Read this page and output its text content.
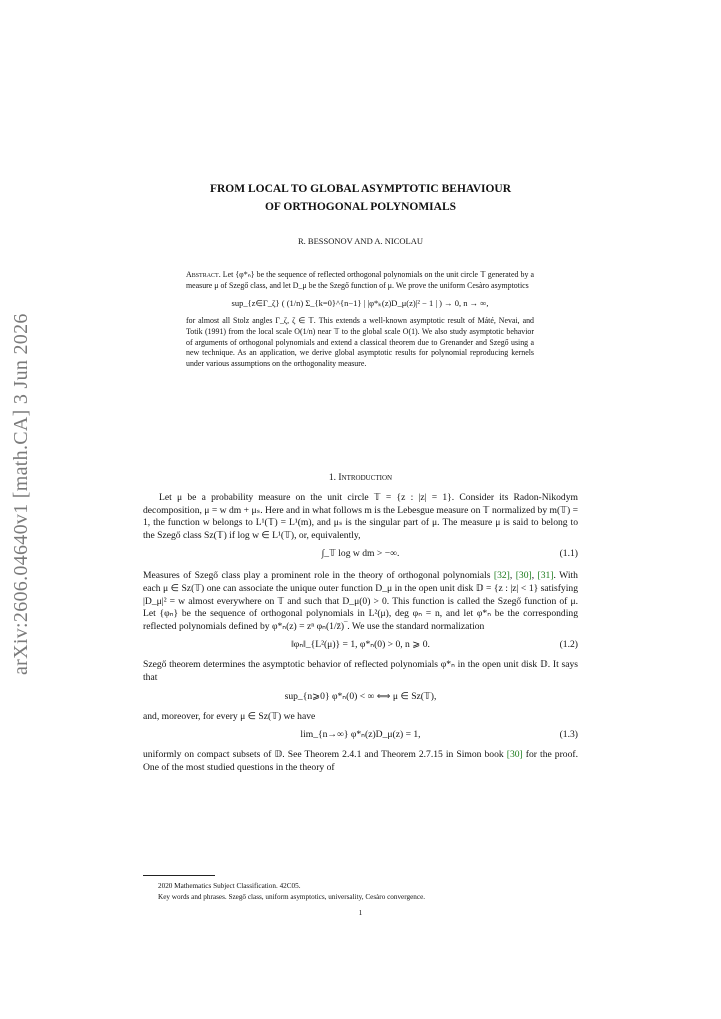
arXiv:2606.04640v1 [math.CA] 3 Jun 2026
FROM LOCAL TO GLOBAL ASYMPTOTIC BEHAVIOUR
OF ORTHOGONAL POLYNOMIALS
R. BESSONOV AND A. NICOLAU

Abstract. Let {φ*ₙ} be the sequence of reflected orthogonal polynomials on the unit circle 𝕋 generated by a measure μ of Szegő class, and let D_μ be the Szegő function of μ. We prove the uniform Cesàro asymptotics

sup_{z∈Γ_ζ} ( (1/n) Σ_{k=0}^{n−1} | |φ*ₖ(z)D_μ(z)|² − 1 | ) → 0, n → ∞,

for almost all Stolz angles Γ_ζ, ζ ∈ 𝕋. This extends a well-known asymptotic result of Máté, Nevai, and Totik (1991) from the local scale O(1/n) near 𝕋 to the global scale O(1). We also study asymptotic behavior of arguments of orthogonal polynomials and extend a classical theorem due to Grenander and Szegő using a new technique. As an application, we derive global asymptotic results for polynomial reproducing kernels under various assumptions on the orthogonality measure.

1. Introduction

Let μ be a probability measure on the unit circle 𝕋 = {z : |z| = 1}. Consider its Radon-Nikodym decomposition, μ = w dm + μₛ. Here and in what follows m is the Lebesgue measure on 𝕋 normalized by m(𝕋) = 1, the function w belongs to L¹(𝕋) = L¹(m), and μₛ is the singular part of μ. The measure μ is said to belong to the Szegő class Sz(𝕋) if log w ∈ L¹(𝕋), or, equivalently,

∫_𝕋 log w dm > −∞.	(1.1)

Measures of Szegő class play a prominent role in the theory of orthogonal polynomials [32], [30], [31]. With each μ ∈ Sz(𝕋) one can associate the unique outer function D_μ in the open unit disk 𝔻 = {z : |z| < 1} satisfying |D_μ|² = w almost everywhere on 𝕋 and such that D_μ(0) > 0. This function is called the Szegő function of μ. Let {φₙ} be the sequence of orthogonal polynomials in L²(μ), deg φₙ = n, and let φ*ₙ be the corresponding reflected polynomials defined by φ*ₙ(z) = zⁿ φₙ(1/z̄)‾. We use the standard normalization

‖φₙ‖_{L²(μ)} = 1, φ*ₙ(0) > 0, n ⩾ 0.	(1.2)

Szegő theorem determines the asymptotic behavior of reflected polynomials φ*ₙ in the open unit disk 𝔻. It says that

sup_{n⩾0} φ*ₙ(0) < ∞ ⟺ μ ∈ Sz(𝕋),

and, moreover, for every μ ∈ Sz(𝕋) we have

lim_{n→∞} φ*ₙ(z)D_μ(z) = 1,	(1.3)

uniformly on compact subsets of 𝔻. See Theorem 2.4.1 and Theorem 2.7.15 in Simon book [30] for the proof. One of the most studied questions in the theory of

2020 Mathematics Subject Classification. 42C05.

Key words and phrases. Szegő class, uniform asymptotics, universality, Cesàro convergence.

1
